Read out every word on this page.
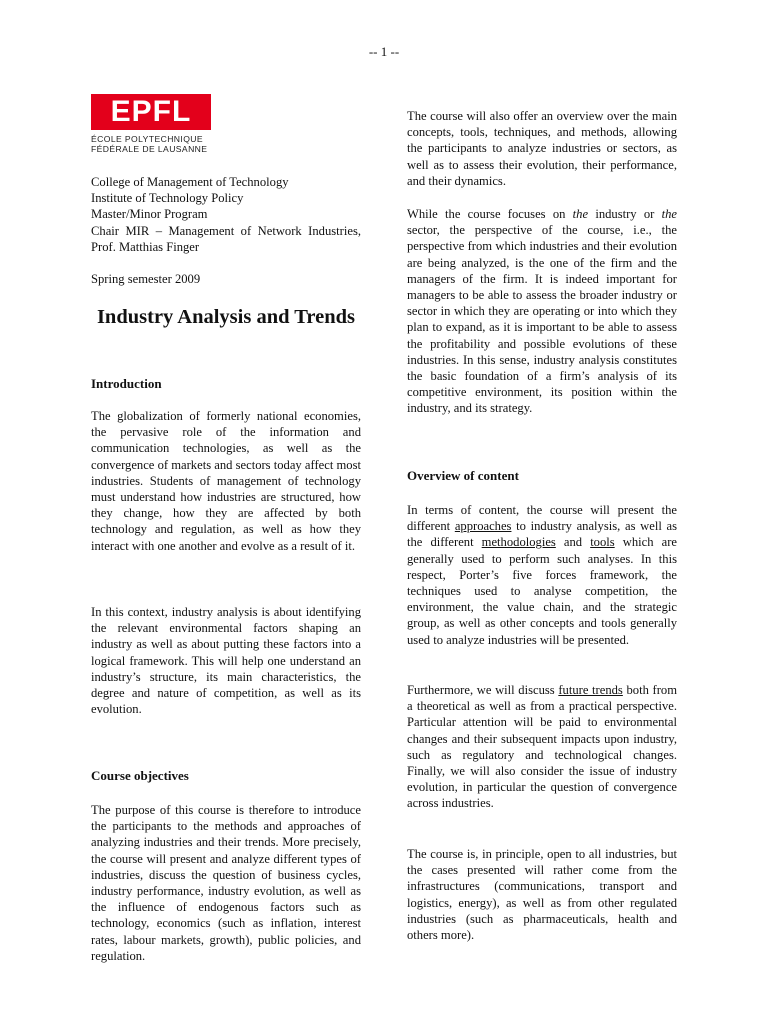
-- 1 --
EPFL
ÉCOLE POLYTECHNIQUE
FÉDÉRALE DE LAUSANNE
College of Management of Technology
Institute of Technology Policy
Master/Minor Program
Chair MIR – Management of Network Industries, Prof. Matthias Finger
Spring semester 2009
Industry Analysis and Trends
Introduction

The globalization of formerly national economies, the pervasive role of the information and communication technologies, as well as the convergence of markets and sectors today affect most industries. Students of management of technology must understand how industries are structured, how they change, how they are affected by both technology and regulation, as well as how they interact with one another and evolve as a result of it.

In this context, industry analysis is about identifying the relevant environmental factors shaping an industry as well as about putting these factors into a logical framework. This will help one understand an industry’s structure, its main characteristics, the degree and nature of competition, as well as its evolution.

Course objectives

The purpose of this course is therefore to introduce the participants to the methods and approaches of analyzing industries and their trends. More precisely, the course will present and analyze different types of industries, discuss the question of business cycles, industry performance, industry evolution, as well as the influence of endogenous factors such as technology, economics (such as inflation, interest rates, labour markets, growth), public policies, and regulation.

The course will also offer an overview over the main concepts, tools, techniques, and methods, allowing the participants to analyze industries or sectors, as well as to assess their evolution, their performance, and their dynamics.

While the course focuses on the industry or the sector, the perspective of the course, i.e., the perspective from which industries and their evolution are being analyzed, is the one of the firm and the managers of the firm. It is indeed important for managers to be able to assess the broader industry or sector in which they are operating or into which they plan to expand, as it is important to be able to assess the profitability and possible evolutions of these industries. In this sense, industry analysis constitutes the basic foundation of a firm’s analysis of its competitive environment, its position within the industry, and its strategy.

Overview of content

In terms of content, the course will present the different approaches to industry analysis, as well as the different methodologies and tools which are generally used to perform such analyses. In this respect, Porter’s five forces framework, the techniques used to analyse competition, the environment, the value chain, and the strategic group, as well as other concepts and tools generally used to analyze industries will be presented.

Furthermore, we will discuss future trends both from a theoretical as well as from a practical perspective. Particular attention will be paid to environmental changes and their subsequent impacts upon industry, such as regulatory and technological changes. Finally, we will also consider the issue of industry evolution, in particular the question of convergence across industries.

The course is, in principle, open to all industries, but the cases presented will rather come from the infrastructures (communications, transport and logistics, energy), as well as from other regulated industries (such as pharmaceuticals, health and others more).
